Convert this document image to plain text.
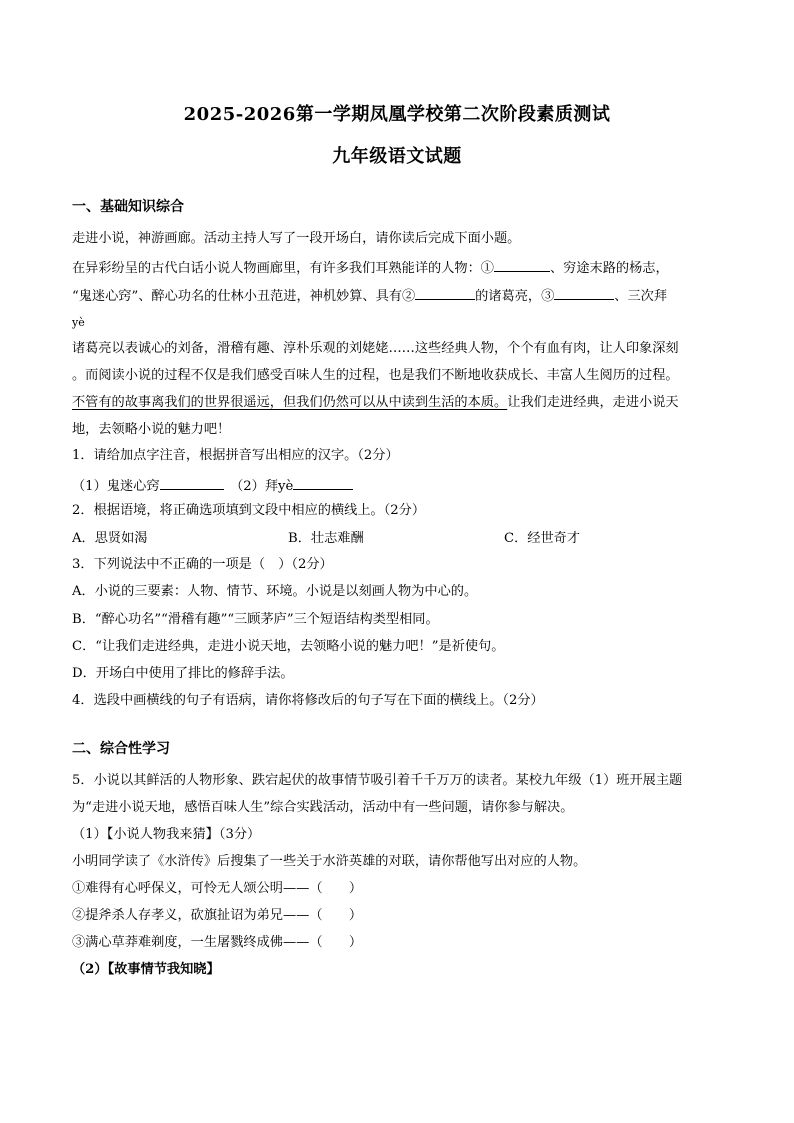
2025-2026第一学期凤凰学校第二次阶段素质测试
九年级语文试题
一、基础知识综合
走进小说，神游画廊。活动主持人写了一段开场白，请你读后完成下面小题。
在异彩纷呈的古代白话小说人物画廊里，有许多我们耳熟能详的人物：①	、穷途末路的杨志，
“鬼迷心窍”、醉心功名的仕林小丑范进，神机妙算、具有②	的诸葛亮，③	、三次拜
yè
诸葛亮以表诚心的刘备，滑稽有趣、淳朴乐观的刘姥姥……这些经典人物，个个有血有肉，让人印象深刻
。而阅读小说的过程不仅是我们感受百味人生的过程，也是我们不断地收获成长、丰富人生阅历的过程。
不管有的故事离我们的世界很遥远，但我们仍然可以从中读到生活的本质。让我们走进经典，走进小说天
地，去领略小说的魅力吧！
1．请给加点字注音，根据拼音写出相应的汉字。（2分）
（1）鬼迷心窍　	（2）拜yè
2．根据语境，将正确选项填到文段中相应的横线上。（2分）
A．思贤如渴	B．壮志难酬	C．经世奇才
3．下列说法中不正确的一项是（　）（2分）
A．小说的三要素：人物、情节、环境。小说是以刻画人物为中心的。
B．“醉心功名”“滑稽有趣”“三顾茅庐”三个短语结构类型相同。
C．“让我们走进经典，走进小说天地，去领略小说的魅力吧！”是祈使句。
D．开场白中使用了排比的修辞手法。
4．选段中画横线的句子有语病，请你将修改后的句子写在下面的横线上。（2分）
二、综合性学习
5．小说以其鲜活的人物形象、跌宕起伏的故事情节吸引着千千万万的读者。某校九年级（1）班开展主题
为“走进小说天地，感悟百味人生”综合实践活动，活动中有一些问题，请你参与解决。
（1）【小说人物我来猜】（3分）
小明同学读了《水浒传》后搜集了一些关于水浒英雄的对联，请你帮他写出对应的人物。
①难得有心呼保义，可怜无人颂公明——（　　）
②提斧杀人存孝义，砍旗扯诏为弟兄——（　　）
③满心草莽难剃度，一生屠戮终成佛——（　　）
（2）【故事情节我知晓】
